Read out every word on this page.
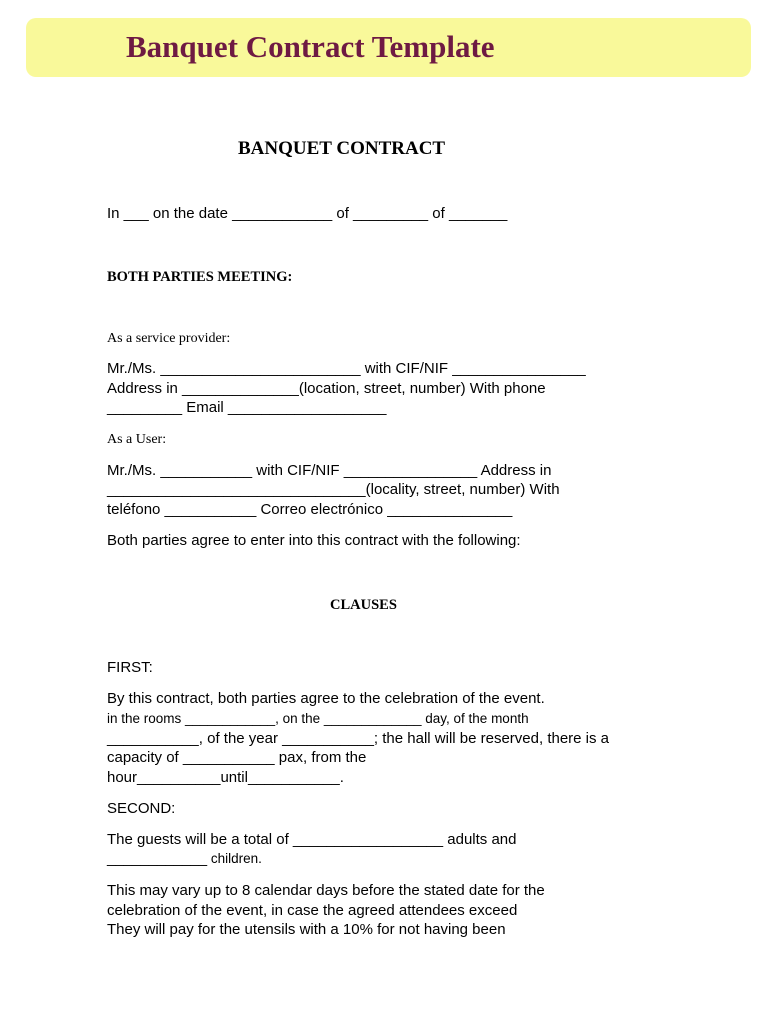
Banquet Contract Template
BANQUET CONTRACT
In ___ on the date ____________ of _________ of _______
BOTH PARTIES MEETING:
As a service provider:
Mr./Ms. ________________________ with CIF/NIF ________________
Address in ______________(location, street, number) With phone
_________ Email ___________________
As a User:
Mr./Ms. ___________ with CIF/NIF ________________ Address in
_______________________________(locality, street, number) With
teléfono ___________ Correo electrónico _______________
Both parties agree to enter into this contract with the following:
CLAUSES
FIRST:
By this contract, both parties agree to the celebration of the event.
in the rooms ____________, on the _____________ day, of the month
___________, of the year ___________; the hall will be reserved, there is a
capacity of ___________ pax, from the
hour__________until___________.
SECOND:
The guests will be a total of __________________ adults and
____________ children.
This may vary up to 8 calendar days before the stated date for the
celebration of the event, in case the agreed attendees exceed
They will pay for the utensils with a 10% for not having been
